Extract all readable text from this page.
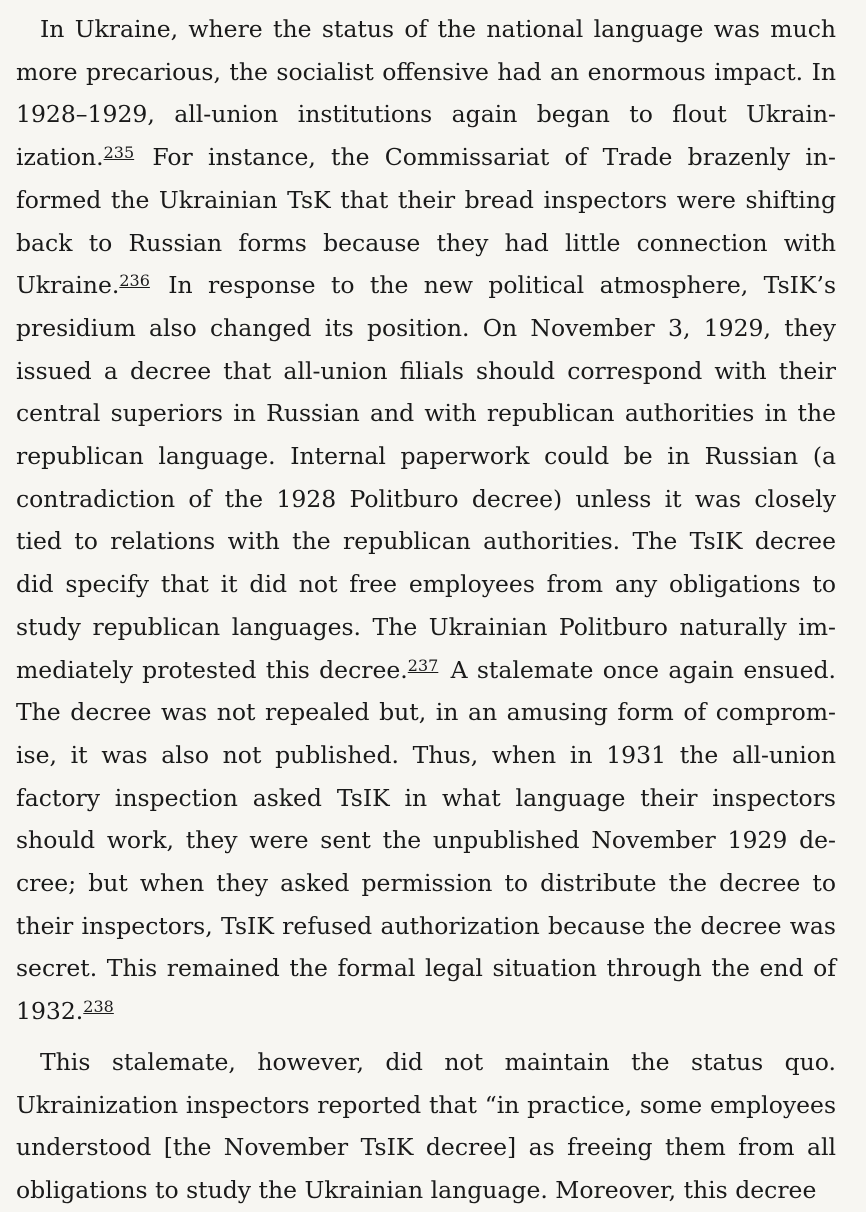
In Ukraine, where the status of the national language was much more precarious, the socialist offensive had an enormous impact. In 1928–1929, all-union institutions again began to flout Ukrainization.$^{235}$ For instance, the Commissariat of Trade brazenly informed the Ukrainian TsK that their bread inspectors were shifting back to Russian forms because they had little connection with Ukraine.$^{236}$ In response to the new political atmosphere, TsIK’s presidium also changed its position. On November 3, 1929, they issued a decree that all-union filials should correspond with their central superiors in Russian and with republican authorities in the republican language. Internal paperwork could be in Russian (a contradiction of the 1928 Politburo decree) unless it was closely tied to relations with the republican authorities. The TsIK decree did specify that it did not free employees from any obligations to study republican languages. The Ukrainian Politburo naturally immediately protested this decree.$^{237}$ A stalemate once again ensued. The decree was not repealed but, in an amusing form of compromise, it was also not published. Thus, when in 1931 the all-union factory inspection asked TsIK in what language their inspectors should work, they were sent the unpublished November 1929 decree; but when they asked permission to distribute the decree to their inspectors, TsIK refused authorization because the decree was secret. This remained the formal legal situation through the end of 1932.$^{238}$

This stalemate, however, did not maintain the status quo. Ukrainization inspectors reported that “in practice, some employees understood [the November TsIK decree] as freeing them from all obligations to study the Ukrainian language. Moreover, this decree
